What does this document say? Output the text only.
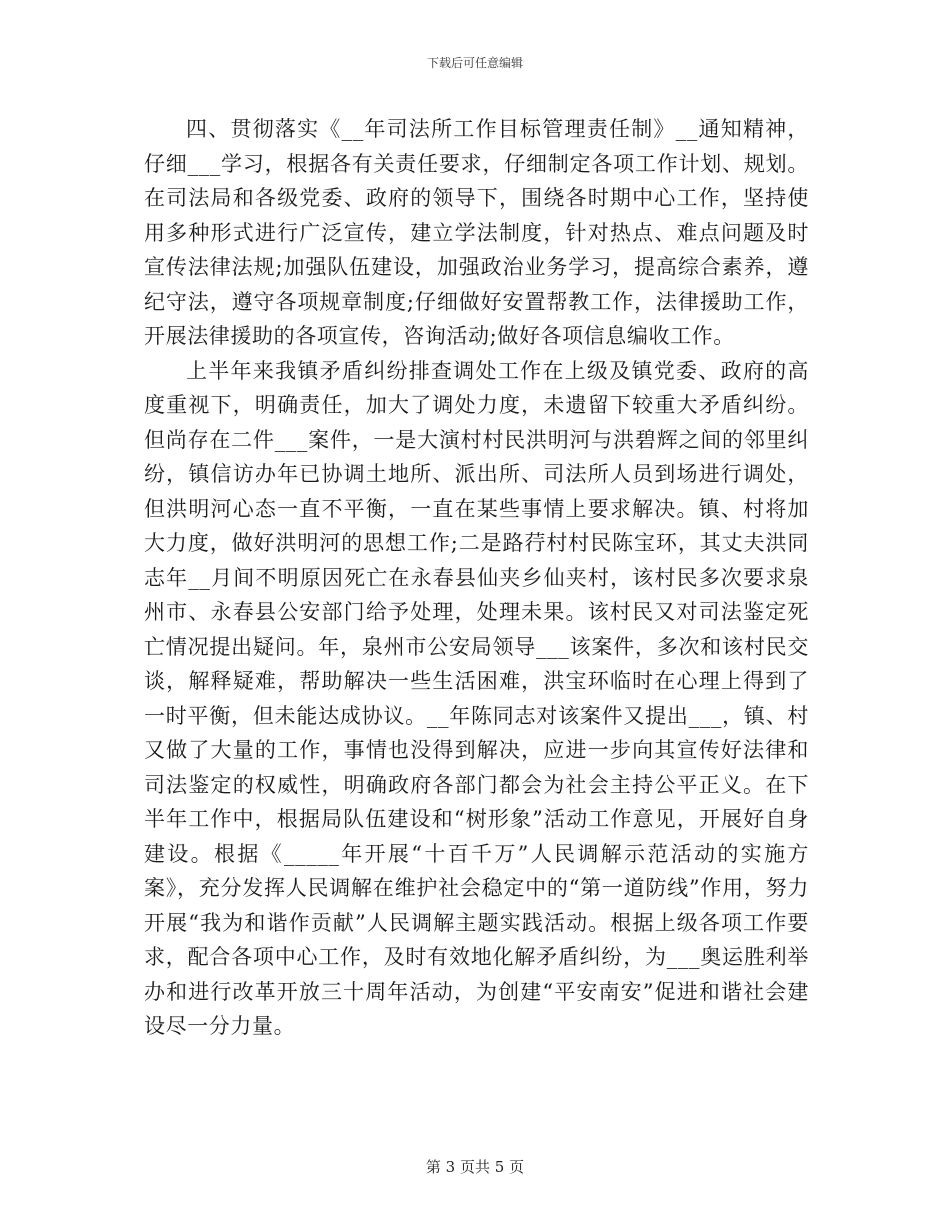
下载后可任意编辑

四、贯彻落实《__年司法所工作目标管理责任制》__通知精神，仔细___学习，根据各有关责任要求，仔细制定各项工作计划、规划。在司法局和各级党委、政府的领导下，围绕各时期中心工作，坚持使用多种形式进行广泛宣传，建立学法制度，针对热点、难点问题及时宣传法律法规;加强队伍建设，加强政治业务学习，提高综合素养，遵纪守法，遵守各项规章制度;仔细做好安置帮教工作，法律援助工作，开展法律援助的各项宣传，咨询活动;做好各项信息编收工作。

上半年来我镇矛盾纠纷排查调处工作在上级及镇党委、政府的高度重视下，明确责任，加大了调处力度，未遗留下较重大矛盾纠纷。但尚存在二件___案件，一是大演村村民洪明河与洪碧辉之间的邻里纠纷，镇信访办年已协调土地所、派出所、司法所人员到场进行调处，但洪明河心态一直不平衡，一直在某些事情上要求解决。镇、村将加大力度，做好洪明河的思想工作;二是路荇村村民陈宝环，其丈夫洪同志年__月间不明原因死亡在永春县仙夹乡仙夹村，该村民多次要求泉州市、永春县公安部门给予处理，处理未果。该村民又对司法鉴定死亡情况提出疑问。年，泉州市公安局领导___该案件，多次和该村民交谈，解释疑难，帮助解决一些生活困难，洪宝环临时在心理上得到了一时平衡，但未能达成协议。__年陈同志对该案件又提出___，镇、村又做了大量的工作，事情也没得到解决，应进一步向其宣传好法律和司法鉴定的权威性，明确政府各部门都会为社会主持公平正义。在下半年工作中，根据局队伍建设和“树形象”活动工作意见，开展好自身建设。根据《_____年开展“十百千万”人民调解示范活动的实施方案》，充分发挥人民调解在维护社会稳定中的“第一道防线”作用，努力开展“我为和谐作贡献”人民调解主题实践活动。根据上级各项工作要求，配合各项中心工作，及时有效地化解矛盾纠纷，为___奥运胜利举办和进行改革开放三十周年活动，为创建“平安南安”促进和谐社会建设尽一分力量。

第 3 页共 5 页
